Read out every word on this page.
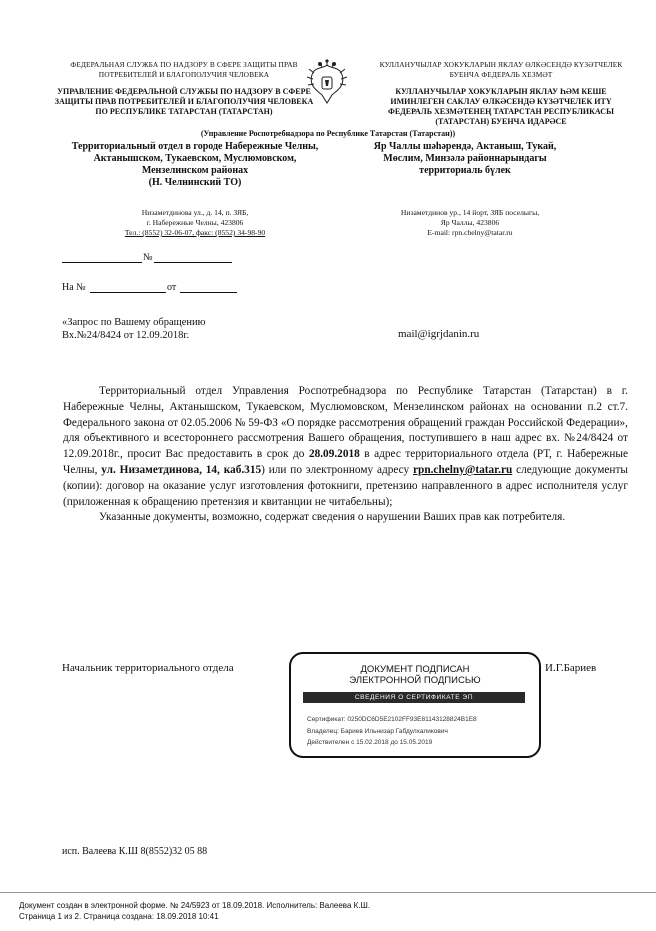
ФЕДЕРАЛЬНАЯ СЛУЖБА ПО НАДЗОРУ В СФЕРЕ ЗАЩИТЫ ПРАВ ПОТРЕБИТЕЛЕЙ И БЛАГОПОЛУЧИЯ ЧЕЛОВЕКА
УПРАВЛЕНИЕ ФЕДЕРАЛЬНОЙ СЛУЖБЫ ПО НАДЗОРУ В СФЕРЕ ЗАЩИТЫ ПРАВ ПОТРЕБИТЕЛЕЙ И БЛАГОПОЛУЧИЯ ЧЕЛОВЕКА ПО РЕСПУБЛИКЕ ТАТАРСТАН (ТАТАРСТАН)
КУЛЛАНУЧЫЛАР ХОКУКЛАРЫН ЯКЛАУ ӨЛКӘСЕНДӘ КҮЗӘТЧЕЛЕК БУЕНЧА ФЕДЕРАЛЬ ХЕЗМӘТ
КУЛЛАНУЧЫЛАР ХОКУКЛАРЫН ЯКЛАУ ҺӘМ КЕШЕ ИМИНЛЕГЕН САКЛАУ ӨЛКӘСЕНДӘ КҮЗӘТЧЕЛЕК ИТҮ ФЕДЕРАЛЬ ХЕЗМӘТЕНЕҢ ТАТАРСТАН РЕСПУБЛИКАСЫ (ТАТАРСТАН) БУЕНЧА ИДАРӘСЕ
(Управление Роспотребнадзора по Республике Татарстан (Татарстан))
Территориальный отдел в городе Набережные Челны, Актанышском, Тукаевском, Муслюмовском, Мензелинском районах
(Н. Челнинский ТО)
Яр Чаллы шәһәрендә, Актаныш, Тукай, Мөслим, Минзәлә районнарындагы территориаль бүлек
Низаметдинова ул., д. 14, п. ЗЯБ,
г. Набережные Челны, 423806
Тел.: (8552) 32-06-07, факс: (8552) 34-98-90
Низаметдинов ур., 14 йорт, ЗЯБ поселыгы,
Яр Чаллы, 423806
E-mail: rpn.chelny@tatar.ru
№
На №	от
«Запрос по Вашему обращению
Вх.№24/8424 от 12.09.2018г.	mail@igrjdanin.ru

Территориальный отдел Управления Роспотребнадзора по Республике Татарстан (Татарстан) в г. Набережные Челны, Актанышском, Тукаевском, Муслюмовском, Мензелинском районах на основании п.2 ст.7. Федерального закона от 02.05.2006 № 59-ФЗ «О порядке рассмотрения обращений граждан Российской Федерации», для объективного и всестороннего рассмотрения Вашего обращения, поступившего в наш адрес вх. №24/8424 от 12.09.2018г., просит Вас предоставить в срок до 28.09.2018 в адрес территориального отдела (РТ, г. Набережные Челны, ул. Низаметдинова, 14, каб.315) или по электронному адресу rpn.chelny@tatar.ru следующие документы (копии): договор на оказание услуг изготовления фотокниги, претензию направленного в адрес исполнителя услуг (приложенная к обращению претензия и квитанции не читабельны);

Указанные документы, возможно, содержат сведения о нарушении Ваших прав как потребителя.

Начальник территориального отдела	ДОКУМЕНТ ПОДПИСАН
ЭЛЕКТРОННОЙ ПОДПИСЬЮ
СВЕДЕНИЯ О СЕРТИФИКАТЕ ЭП
Сертификат: 0250DC6D5E2102FF93E81143128824B1E8
Владелец: Бариев Ильнизар Габдулхаликович
Действителен с 15.02.2018 до 15.05.2019
И.Г.Бариев
исп. Валеева К.Ш 8(8552)32 05 88
Документ создан в электронной форме. № 24/5923 от 18.09.2018. Исполнитель: Валеева К.Ш.
Страница 1 из 2. Страница создана: 18.09.2018 10:41
